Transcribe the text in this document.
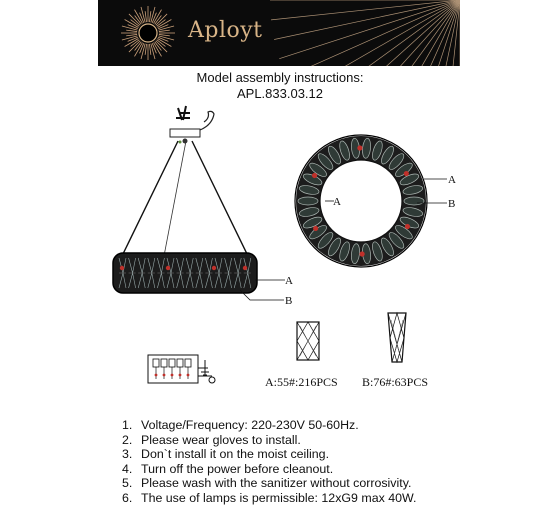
Aployt
Model assembly instructions:
APL.833.03.12
A
B
A
A
B
A:55#:216PCS B:76#:63PCS
1. Voltage/Frequency: 220-230V 50-60Hz.
2. Please wear gloves to install.
3. Don`t install it on the moist ceiling.
4. Turn off the power before cleanout.
5. Please wash with the sanitizer without corrosivity.
6. The use of lamps is permissible: 12xG9 max 40W.
